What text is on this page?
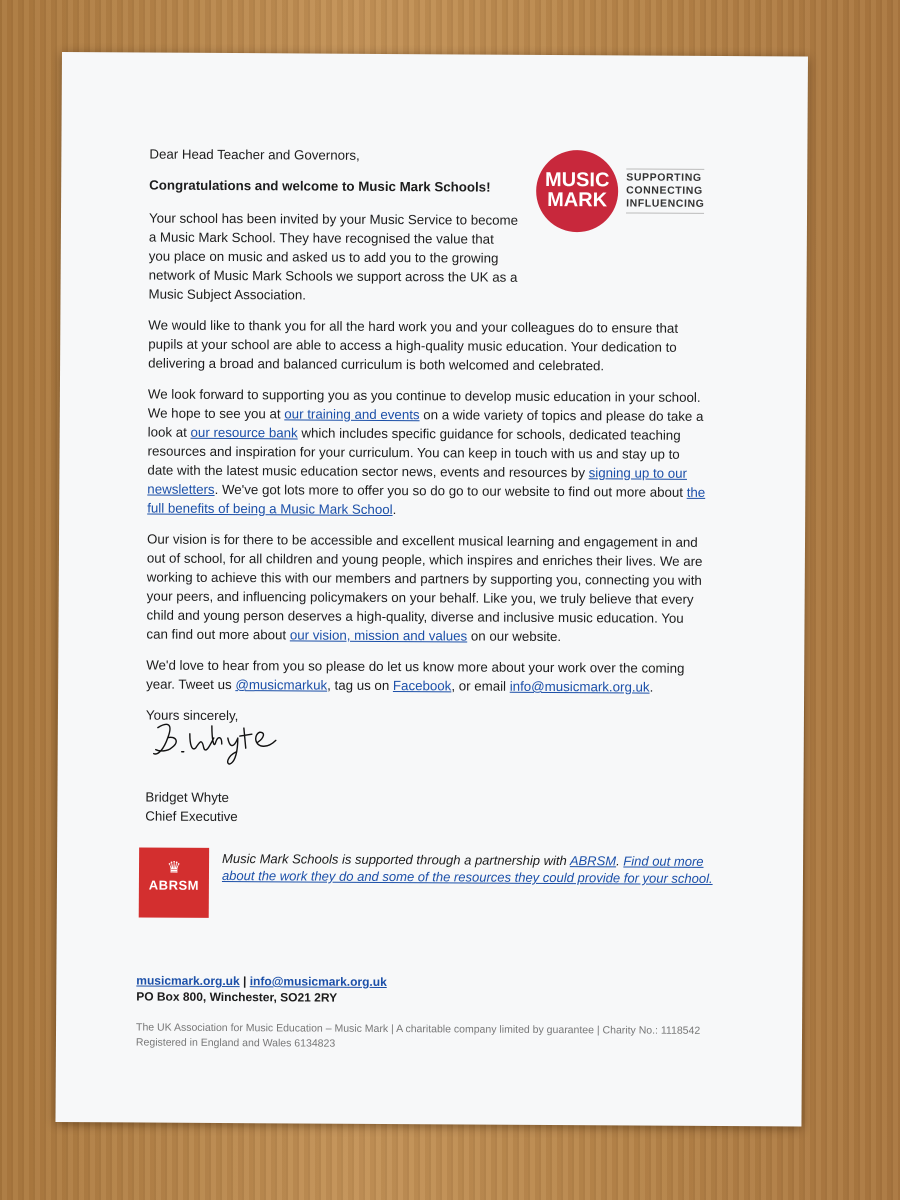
MUSIC
MARK
SUPPORTING
CONNECTING
INFLUENCING

Dear Head Teacher and Governors,

Congratulations and welcome to Music Mark Schools!

Your school has been invited by your Music Service to become a Music Mark School. They have recognised the value that you place on music and asked us to add you to the growing network of Music Mark Schools we support across the UK as a Music Subject Association.

We would like to thank you for all the hard work you and your colleagues do to ensure that pupils at your school are able to access a high-quality music education. Your dedication to delivering a broad and balanced curriculum is both welcomed and celebrated.

We look forward to supporting you as you continue to develop music education in your school. We hope to see you at our training and events on a wide variety of topics and please do take a look at our resource bank which includes specific guidance for schools, dedicated teaching resources and inspiration for your curriculum. You can keep in touch with us and stay up to date with the latest music education sector news, events and resources by signing up to our newsletters. We've got lots more to offer you so do go to our website to find out more about the full benefits of being a Music Mark School.

Our vision is for there to be accessible and excellent musical learning and engagement in and out of school, for all children and young people, which inspires and enriches their lives. We are working to achieve this with our members and partners by supporting you, connecting you with your peers, and influencing policymakers on your behalf. Like you, we truly believe that every child and young person deserves a high-quality, diverse and inclusive music education. You can find out more about our vision, mission and values on our website.

We'd love to hear from you so please do let us know more about your work over the coming year. Tweet us @musicmarkuk, tag us on Facebook, or email info@musicmark.org.uk.

Yours sincerely,

Bridget Whyte
Chief Executive
♛
ABRSM
Music Mark Schools is supported through a partnership with ABRSM. Find out more about the work they do and some of the resources they could provide for your school.
musicmark.org.uk | info@musicmark.org.uk
PO Box 800, Winchester, SO21 2RY
The UK Association for Music Education – Music Mark | A charitable company limited by guarantee | Charity No.: 1118542
Registered in England and Wales 6134823
